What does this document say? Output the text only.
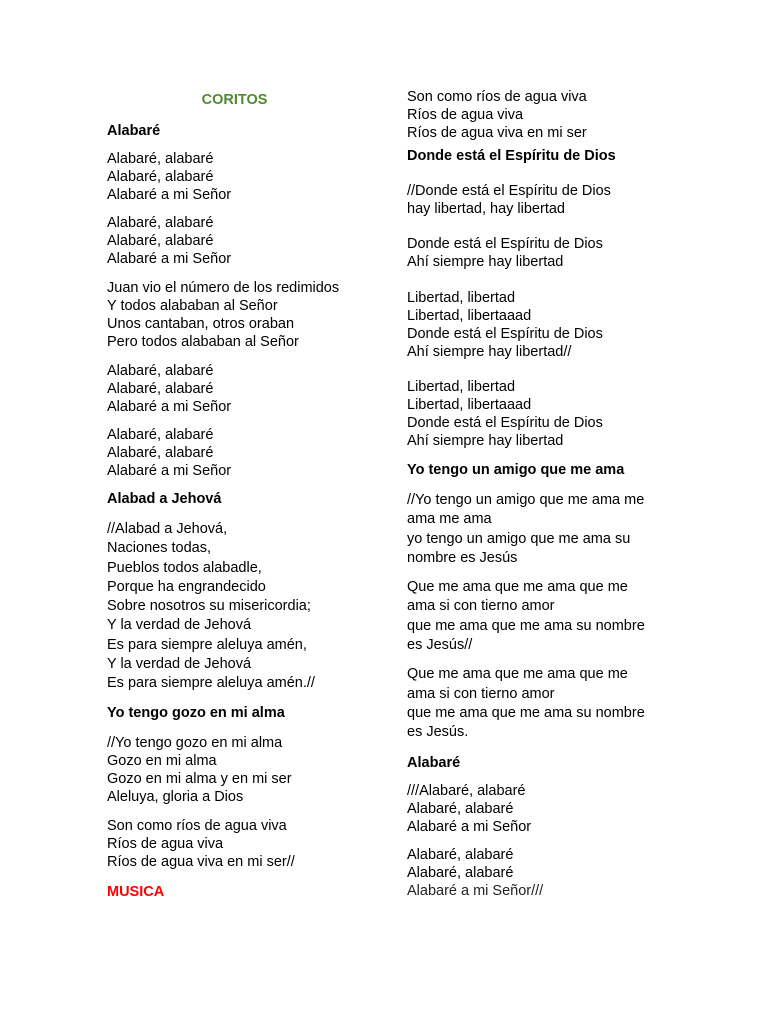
CORITOS
Alabaré
Alabaré, alabaré
Alabaré, alabaré
Alabaré a mi Señor
Alabaré, alabaré
Alabaré, alabaré
Alabaré a mi Señor
Juan vio el número de los redimidos
Y todos alababan al Señor
Unos cantaban, otros oraban
Pero todos alababan al Señor
Alabaré, alabaré
Alabaré, alabaré
Alabaré a mi Señor
Alabaré, alabaré
Alabaré, alabaré
Alabaré a mi Señor
Alabad a Jehová
//Alabad a Jehová,
Naciones todas,
Pueblos todos alabadle,
Porque ha engrandecido
Sobre nosotros su misericordia;
Y la verdad de Jehová
Es para siempre aleluya amén,
Y la verdad de Jehová
Es para siempre aleluya amén.//
Yo tengo gozo en mi alma
//Yo tengo gozo en mi alma
Gozo en mi alma
Gozo en mi alma y en mi ser
Aleluya, gloria a Dios
Son como ríos de agua viva
Ríos de agua viva
Ríos de agua viva en mi ser//
MUSICA
Son como ríos de agua viva
Ríos de agua viva
Ríos de agua viva en mi ser
Donde está el Espíritu de Dios
//Donde está el Espíritu de Dios
hay libertad, hay libertad
Donde está el Espíritu de Dios
Ahí siempre hay libertad
Libertad, libertad
Libertad, libertaaad
Donde está el Espíritu de Dios
Ahí siempre hay libertad//
Libertad, libertad
Libertad, libertaaad
Donde está el Espíritu de Dios
Ahí siempre hay libertad
Yo tengo un amigo que me ama
//Yo tengo un amigo que me ama me
ama me ama
yo tengo un amigo que me ama su
nombre es Jesús
Que me ama que me ama que me
ama si con tierno amor
que me ama que me ama su nombre
es Jesús//
Que me ama que me ama que me
ama si con tierno amor
que me ama que me ama su nombre
es Jesús.
Alabaré
///Alabaré, alabaré
Alabaré, alabaré
Alabaré a mi Señor
Alabaré, alabaré
Alabaré, alabaré
Alabaré a mi Señor///
